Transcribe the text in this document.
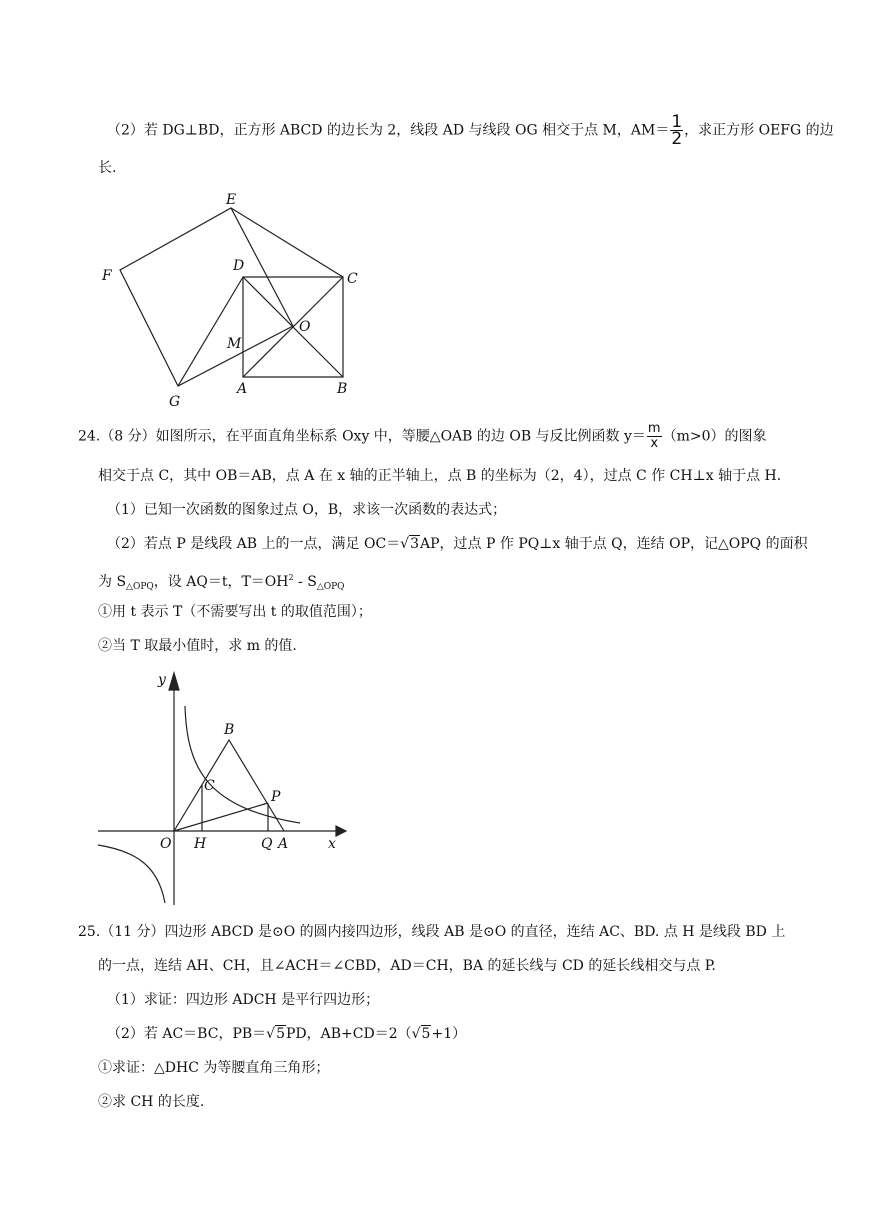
（2）若 DG⊥BD，正方形 ABCD 的边长为 2，线段 AD 与线段 OG 相交于点 M，$AM= \frac{1}{2}$ ，求正方形 OEFG 的边
长.
E
F
D
C
O
M
A	B
G
24.（8 分）如图所示，在平面直角坐标系 Oxy 中，等腰△OAB 的边 OB 与反比例函数 $y= \frac{m}{x} (m>0)$的图象
相交于点 C，其中 OB＝AB，点 A 在 x 轴的正半轴上，点 B 的坐标为（2，4），过点 C 作 CH⊥x 轴于点 H.
（1）已知一次函数的图象过点 O，B，求该一次函数的表达式；
（2）若点 P 是线段 AB 上的一点，满足 OC＝√3AP，过点 P 作 PQ⊥x 轴于点 Q，连结 OP，记△OPQ 的面积
为 $S_{\triangle OPQ}$，设 AQ＝t，$T=OH^2 - S_{\triangle OPQ}$
①用 t 表示 T（不需要写出 t 的取值范围）；
②当 T 取最小值时，求 m 的值.
y
B
C
P
O H	Q A	x
25.（11 分）四边形 ABCD 是⊙O 的圆内接四边形，线段 AB 是⊙O 的直径，连结 AC、BD. 点 H 是线段 BD 上
的一点，连结 AH、CH，且∠ACH＝∠CBD，AD＝CH，BA 的延长线与 CD 的延长线相交与点 P.
（1）求证：四边形 ADCH 是平行四边形；
（2）若 AC＝BC，PB＝√5PD，AB+CD＝2（√5+1）
①求证：△DHC 为等腰直角三角形；
②求 CH 的长度.
